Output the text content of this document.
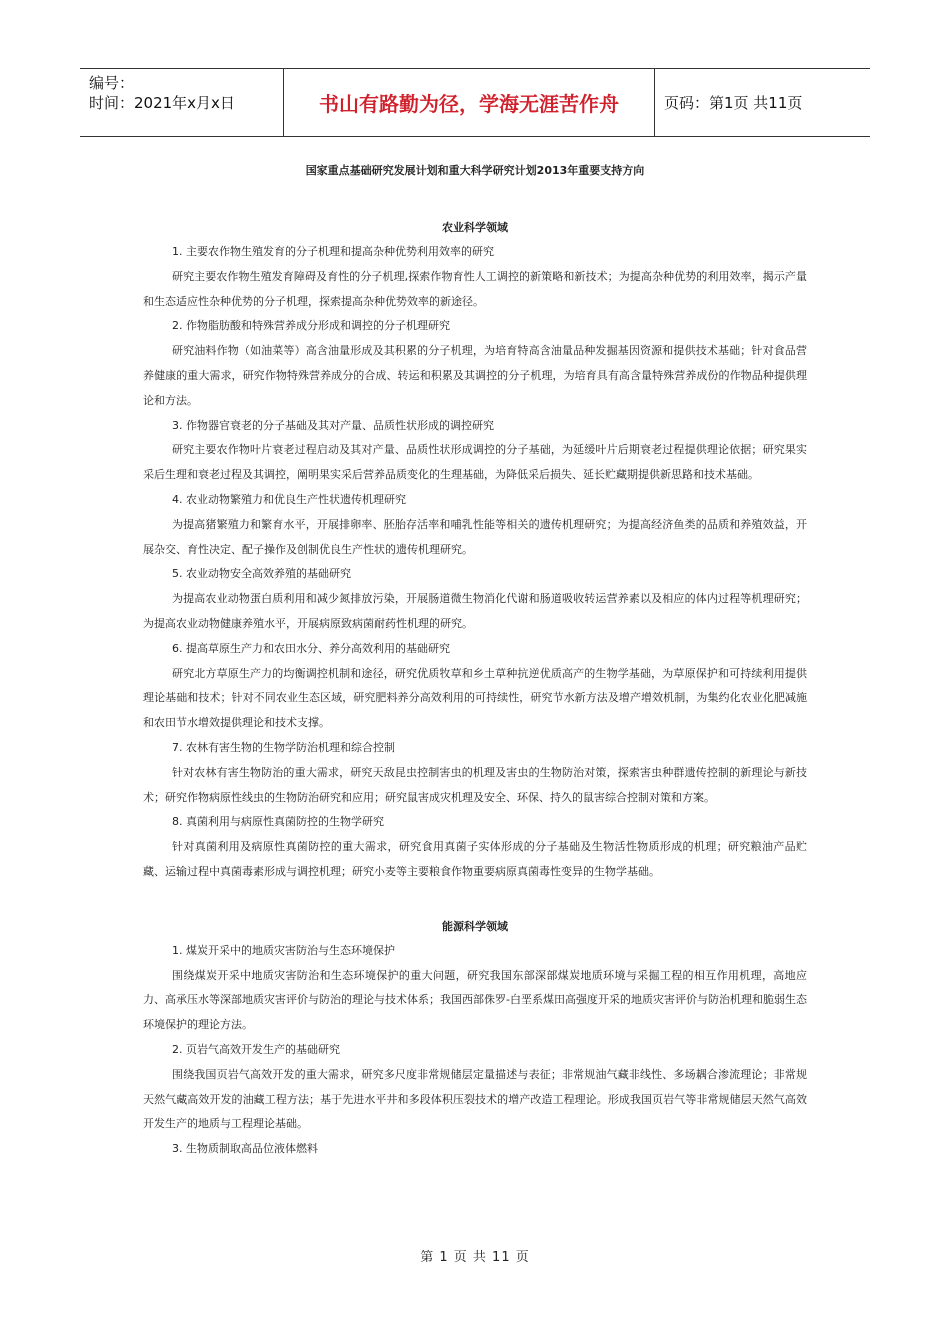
编号：
时间：2021年x月x日	书山有路勤为径，学海无涯苦作舟	页码：第1页 共11页
国家重点基础研究发展计划和重大科学研究计划2013年重要支持方向
农业科学领域
1. 主要农作物生殖发育的分子机理和提高杂种优势利用效率的研究
研究主要农作物生殖发育障碍及育性的分子机理,探索作物育性人工调控的新策略和新技术；为提高杂种优势的利用效率，揭示产量和生态适应性杂种优势的分子机理，探索提高杂种优势效率的新途径。
2. 作物脂肪酸和特殊营养成分形成和调控的分子机理研究
研究油料作物（如油菜等）高含油量形成及其积累的分子机理，为培育特高含油量品种发掘基因资源和提供技术基础；针对食品营养健康的重大需求，研究作物特殊营养成分的合成、转运和积累及其调控的分子机理，为培育具有高含量特殊营养成份的作物品种提供理论和方法。
3. 作物器官衰老的分子基础及其对产量、品质性状形成的调控研究
研究主要农作物叶片衰老过程启动及其对产量、品质性状形成调控的分子基础，为延缓叶片后期衰老过程提供理论依据；研究果实采后生理和衰老过程及其调控，阐明果实采后营养品质变化的生理基础，为降低采后损失、延长贮藏期提供新思路和技术基础。
4. 农业动物繁殖力和优良生产性状遗传机理研究
为提高猪繁殖力和繁育水平，开展排卵率、胚胎存活率和哺乳性能等相关的遗传机理研究；为提高经济鱼类的品质和养殖效益，开展杂交、育性决定、配子操作及创制优良生产性状的遗传机理研究。
5. 农业动物安全高效养殖的基础研究
为提高农业动物蛋白质利用和减少氮排放污染，开展肠道微生物消化代谢和肠道吸收转运营养素以及相应的体内过程等机理研究；为提高农业动物健康养殖水平，开展病原致病菌耐药性机理的研究。
6. 提高草原生产力和农田水分、养分高效利用的基础研究
研究北方草原生产力的均衡调控机制和途径，研究优质牧草和乡土草种抗逆优质高产的生物学基础，为草原保护和可持续利用提供理论基础和技术；针对不同农业生态区域，研究肥料养分高效利用的可持续性，研究节水新方法及增产增效机制，为集约化农业化肥减施和农田节水增效提供理论和技术支撑。
7. 农林有害生物的生物学防治机理和综合控制
针对农林有害生物防治的重大需求，研究天敌昆虫控制害虫的机理及害虫的生物防治对策，探索害虫种群遗传控制的新理论与新技术；研究作物病原性线虫的生物防治研究和应用；研究鼠害成灾机理及安全、环保、持久的鼠害综合控制对策和方案。
8. 真菌利用与病原性真菌防控的生物学研究
针对真菌利用及病原性真菌防控的重大需求，研究食用真菌子实体形成的分子基础及生物活性物质形成的机理；研究粮油产品贮藏、运输过程中真菌毒素形成与调控机理；研究小麦等主要粮食作物重要病原真菌毒性变异的生物学基础。
能源科学领域
1. 煤炭开采中的地质灾害防治与生态环境保护
围绕煤炭开采中地质灾害防治和生态环境保护的重大问题，研究我国东部深部煤炭地质环境与采掘工程的相互作用机理，高地应力、高承压水等深部地质灾害评价与防治的理论与技术体系；我国西部侏罗-白垩系煤田高强度开采的地质灾害评价与防治机理和脆弱生态环境保护的理论方法。
2. 页岩气高效开发生产的基础研究
围绕我国页岩气高效开发的重大需求，研究多尺度非常规储层定量描述与表征；非常规油气藏非线性、多场耦合渗流理论；非常规天然气藏高效开发的油藏工程方法；基于先进水平井和多段体积压裂技术的增产改造工程理论。形成我国页岩气等非常规储层天然气高效开发生产的地质与工程理论基础。
3. 生物质制取高品位液体燃料
第 1 页 共 11 页
